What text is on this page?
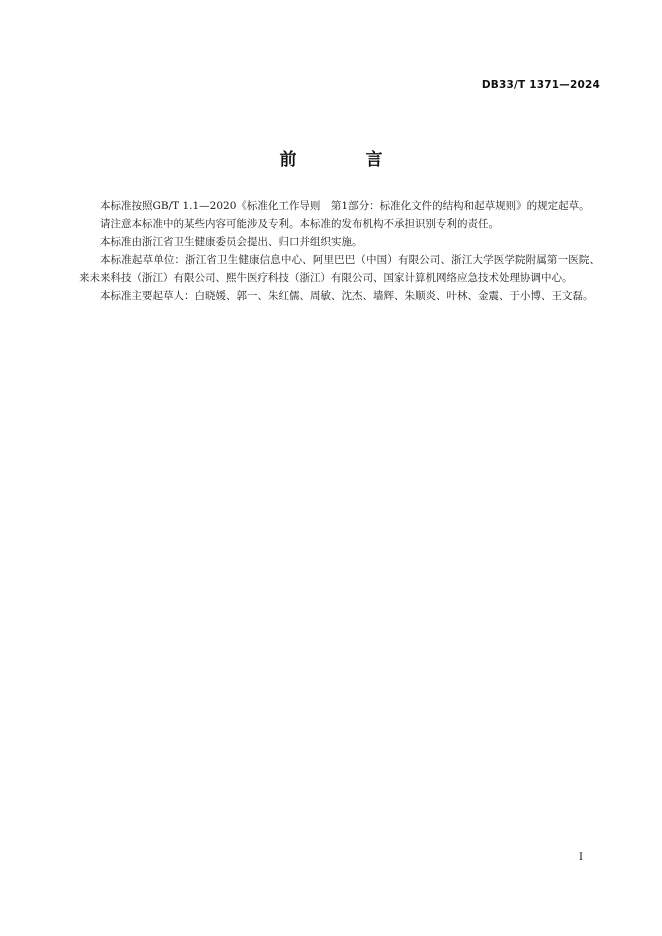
DB33/T 1371—2024
前　言

本标准按照GB/T 1.1—2020《标准化工作导则　第1部分：标准化文件的结构和起草规则》的规定起草。

请注意本标准中的某些内容可能涉及专利。本标准的发布机构不承担识别专利的责任。

本标准由浙江省卫生健康委员会提出、归口并组织实施。

本标准起草单位：浙江省卫生健康信息中心、阿里巴巴（中国）有限公司、浙江大学医学院附属第一医院、来未来科技（浙江）有限公司、熙牛医疗科技（浙江）有限公司、国家计算机网络应急技术处理协调中心。

本标准主要起草人：白晓媛、郭一、朱红儒、周敏、沈杰、墙辉、朱顺炎、叶林、金震、于小博、王文磊。

I
